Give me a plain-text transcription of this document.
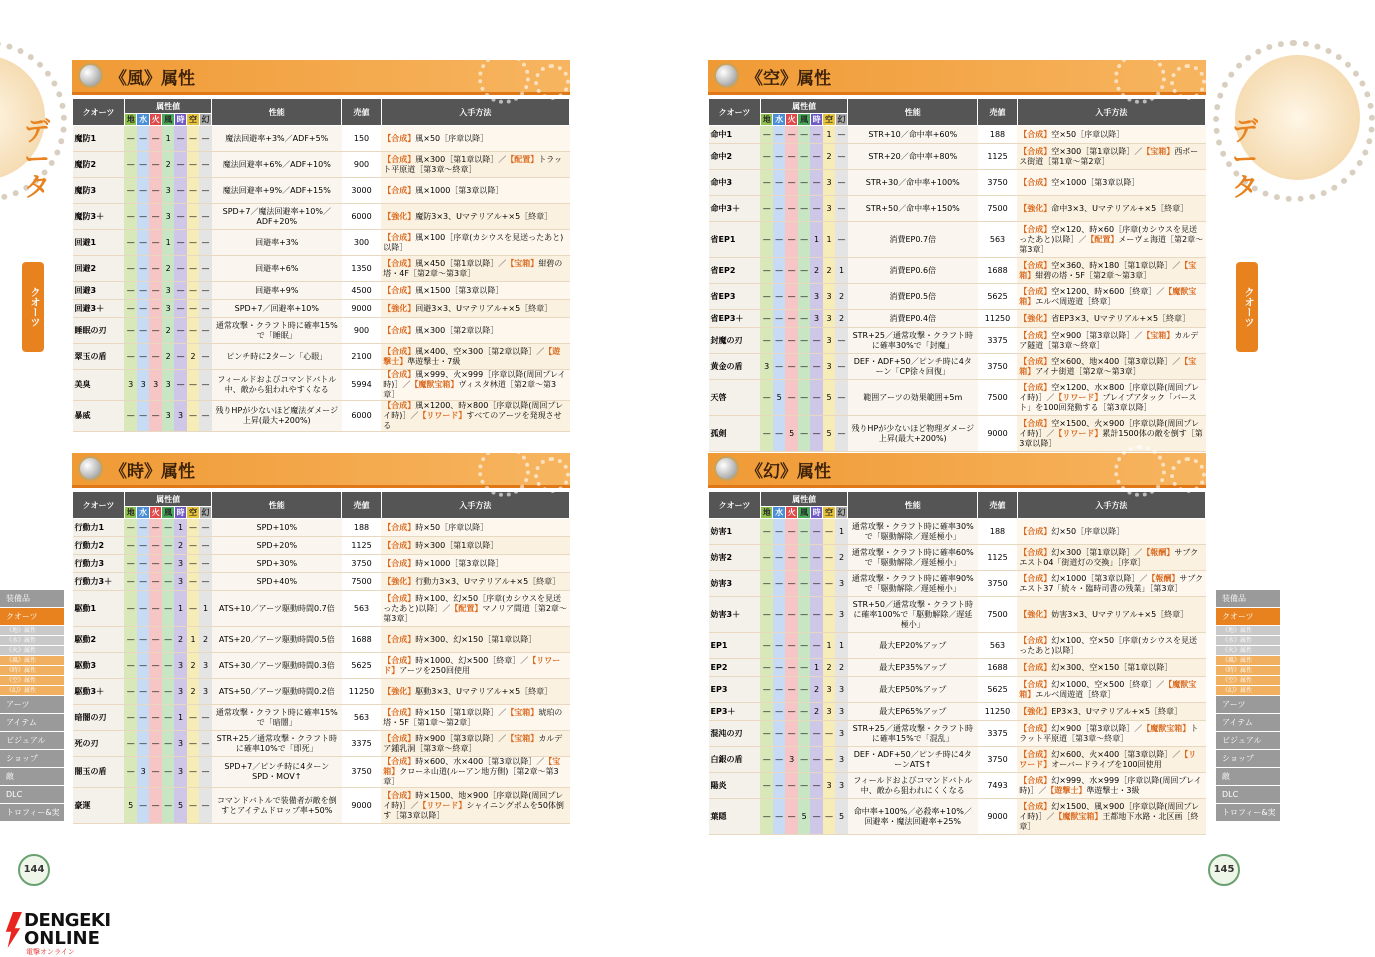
データ
クオーツ
装備品
クオーツ
《地》属性
《水》属性
《火》属性
《風》属性
《時》属性
《空》属性
《幻》属性
アーツ
アイテム
ビジュアル
ショップ
敵
DLC
トロフィー&実績
《風》属性
クオーツ	属性値							性能	売値	入手方法
	地	水	火	風	時	空	幻			
魔防1	—	—	—	1	—	—	—	魔法回避率+3%／ADF+5%	150	【合成】風×50［序章以降］
魔防2	—	—	—	2	—	—	—	魔法回避率+6%／ADF+10%	900	【合成】風×300［第1章以降］／【配置】トラット平原道［第3章～終章］
魔防3	—	—	—	3	—	—	—	魔法回避率+9%／ADF+15%	3000	【合成】風×1000［第3章以降］
魔防3＋	—	—	—	3	—	—	—	SPD+7／魔法回避率+10%／ADF+20%	6000	【強化】魔防3×3、Uマテリアル+×5［終章］
回避1	—	—	—	1	—	—	—	回避率+3%	300	【合成】風×100［序章(カシウスを見送ったあと)以降］
回避2	—	—	—	2	—	—	—	回避率+6%	1350	【合成】風×450［第1章以降］／【宝箱】紺碧の塔・4F［第2章～第3章］
回避3	—	—	—	3	—	—	—	回避率+9%	4500	【合成】風×1500［第3章以降］
回避3＋	—	—	—	3	—	—	—	SPD+7／回避率+10%	9000	【強化】回避3×3、Uマテリアル+×5［終章］
睡眠の刃	—	—	—	2	—	—	—	通常攻撃・クラフト時に確率15%で「睡眠」	900	【合成】風×300［第2章以降］
翠玉の盾	—	—	—	2	—	2	—	ピンチ時に2ターン「心眼」	2100	【合成】風×400、空×300［第2章以降］／【遊撃士】準遊撃士・7級
美臭	3	3	3	3	—	—	—	フィールドおよびコマンドバトル中、敵から狙われやすくなる	5994	【合成】風×999、火×999［序章以降(周回プレイ時)］／【魔獣宝箱】ヴィスタ林道［第2章～第3章］
暴威	—	—	—	3	3	—	—	残りHPが少ないほど魔法ダメージ上昇(最大+200%)	6000	【合成】風×1200、時×800［序章以降(周回プレイ時)］／【リワード】すべてのアーツを発現させる
《時》属性
クオーツ	属性値							性能	売値	入手方法
	地	水	火	風	時	空	幻			
行動力1	—	—	—	—	1	—	—	SPD+10%	188	【合成】時×50［序章以降］
行動力2	—	—	—	—	2	—	—	SPD+20%	1125	【合成】時×300［第1章以降］
行動力3	—	—	—	—	3	—	—	SPD+30%	3750	【合成】時×1000［第3章以降］
行動力3＋	—	—	—	—	3	—	—	SPD+40%	7500	【強化】行動力3×3、Uマテリアル+×5［終章］
駆動1	—	—	—	—	1	—	1	ATS+10／アーツ駆動時間0.7倍	563	【合成】時×100、幻×50［序章(カシウスを見送ったあと)以降］／【配置】マノリア間道［第2章～第3章］
駆動2	—	—	—	—	2	1	2	ATS+20／アーツ駆動時間0.5倍	1688	【合成】時×300、幻×150［第1章以降］
駆動3	—	—	—	—	3	2	3	ATS+30／アーツ駆動時間0.3倍	5625	【合成】時×1000、幻×500［終章］／【リワード】アーツを250回使用
駆動3＋	—	—	—	—	3	2	3	ATS+50／アーツ駆動時間0.2倍	11250	【強化】駆動3×3、Uマテリアル+×5［終章］
暗闇の刃	—	—	—	—	1	—	—	通常攻撃・クラフト時に確率15%で「暗闇」	563	【合成】時×150［第1章以降］／【宝箱】琥珀の塔・5F［第1章～第2章］
死の刃	—	—	—	—	3	—	—	STR+25／通常攻撃・クラフト時に確率10%で「即死」	3375	【合成】時×900［第3章以降］／【宝箱】カルデア鍾乳洞［第3章～終章］
闇玉の盾	—	3	—	—	3	—	—	SPD+7／ピンチ時に4ターンSPD・MOV↑	3750	【合成】時×600、水×400［第3章以降］／【宝箱】クローネ山道(ルーアン地方側)［第2章～第3章］
豪運	5	—	—	—	5	—	—	コマンドバトルで装備者が敵を倒すとアイテムドロップ率+50%	9000	【合成】時×1500、地×900［序章以降(周回プレイ時)］／【リワード】シャイニングポムを50体倒す［第3章以降］
144
DENGEKI
ONLINE
電撃オンライン
データ
クオーツ
装備品
クオーツ
《地》属性
《水》属性
《火》属性
《風》属性
《時》属性
《空》属性
《幻》属性
アーツ
アイテム
ビジュアル
ショップ
敵
DLC
トロフィー&実績
《空》属性
クオーツ	属性値							性能	売値	入手方法
	地	水	火	風	時	空	幻			
命中1	—	—	—	—	—	1	—	STR+10／命中率+60%	188	【合成】空×50［序章以降］
命中2	—	—	—	—	—	2	—	STR+20／命中率+80%	1125	【合成】空×300［第1章以降］／【宝箱】西ボース街道［第1章～第2章］
命中3	—	—	—	—	—	3	—	STR+30／命中率+100%	3750	【合成】空×1000［第3章以降］
命中3＋	—	—	—	—	—	3	—	STR+50／命中率+150%	7500	【強化】命中3×3、Uマテリアル+×5［終章］
省EP1	—	—	—	—	1	1	—	消費EP0.7倍	563	【合成】空×120、時×60［序章(カシウスを見送ったあと)以降］／【配置】メーヴェ海道［第2章～第3章］
省EP2	—	—	—	—	2	2	1	消費EP0.6倍	1688	【合成】空×360、時×180［第1章以降］／【宝箱】紺碧の塔・5F［第2章～第3章］
省EP3	—	—	—	—	3	3	2	消費EP0.5倍	5625	【合成】空×1200、時×600［終章］／【魔獣宝箱】エルベ周遊道［終章］
省EP3＋	—	—	—	—	3	3	2	消費EP0.4倍	11250	【強化】省EP3×3、Uマテリアル+×5［終章］
封魔の刃	—	—	—	—	—	3	—	STR+25／通常攻撃・クラフト時に確率30%で「封魔」	3375	【合成】空×900［第3章以降］／【宝箱】カルデア隧道［第3章～終章］
黄金の盾	3	—	—	—	—	3	—	DEF・ADF+50／ピンチ時に4ターン「CP徐々回復」	3750	【合成】空×600、地×400［第3章以降］／【宝箱】アイナ街道［第2章～第3章］
天啓	—	5	—	—	—	5	—	範囲アーツの効果範囲+5m	7500	【合成】空×1200、水×800［序章以降(周回プレイ時)］／【リワード】ブレイブアタック「バースト」を100回発動する［第3章以降］
孤剣	—	—	5	—	—	5	—	残りHPが少ないほど物理ダメージ上昇(最大+200%)	9000	【合成】空×1500、火×900［序章以降(周回プレイ時)］／【リワード】累計1500体の敵を倒す［第3章以降］
《幻》属性
クオーツ	属性値							性能	売値	入手方法
	地	水	火	風	時	空	幻			
妨害1	—	—	—	—	—	—	1	通常攻撃・クラフト時に確率30%で「駆動解除／遅延極小」	188	【合成】幻×50［序章以降］
妨害2	—	—	—	—	—	—	2	通常攻撃・クラフト時に確率60%で「駆動解除／遅延極小」	1125	【合成】幻×300［第1章以降］／【報酬】サブクエスト04「街道灯の交換」［序章］
妨害3	—	—	—	—	—	—	3	通常攻撃・クラフト時に確率90%で「駆動解除／遅延極小」	3750	【合成】幻×1000［第3章以降］／【報酬】サブクエスト37「続々・臨時司書の残業」［第3章］
妨害3＋	—	—	—	—	—	—	3	STR+50／通常攻撃・クラフト時に確率100%で「駆動解除／遅延極小」	7500	【強化】妨害3×3、Uマテリアル+×5［終章］
EP1	—	—	—	—	—	1	1	最大EP20%アップ	563	【合成】幻×100、空×50［序章(カシウスを見送ったあと)以降］
EP2	—	—	—	—	1	2	2	最大EP35%アップ	1688	【合成】幻×300、空×150［第1章以降］
EP3	—	—	—	—	2	3	3	最大EP50%アップ	5625	【合成】幻×1000、空×500［終章］／【魔獣宝箱】エルベ周遊道［終章］
EP3＋	—	—	—	—	2	3	3	最大EP65%アップ	11250	【強化】EP3×3、Uマテリアル+×5［終章］
混沌の刃	—	—	—	—	—	—	3	STR+25／通常攻撃・クラフト時に確率15%で「混乱」	3375	【合成】幻×900［第3章以降］／【魔獣宝箱】トラット平原道［第3章～終章］
白銀の盾	—	—	3	—	—	—	3	DEF・ADF+50／ピンチ時に4ターンATS↑	3750	【合成】幻×600、火×400［第3章以降］／【リワード】オーバードライブを100回使用
陽炎	—	—	—	—	—	3	3	フィールドおよびコマンドバトル中、敵から狙われにくくなる	7493	【合成】幻×999、水×999［序章以降(周回プレイ時)］／【遊撃士】準遊撃士・3級
葉隠	—	—	—	5	—	—	5	命中率+100%／必殺率+10%／回避率・魔法回避率+25%	9000	【合成】幻×1500、風×900［序章以降(周回プレイ時)］／【魔獣宝箱】王都地下水路・北区画［終章］
145
